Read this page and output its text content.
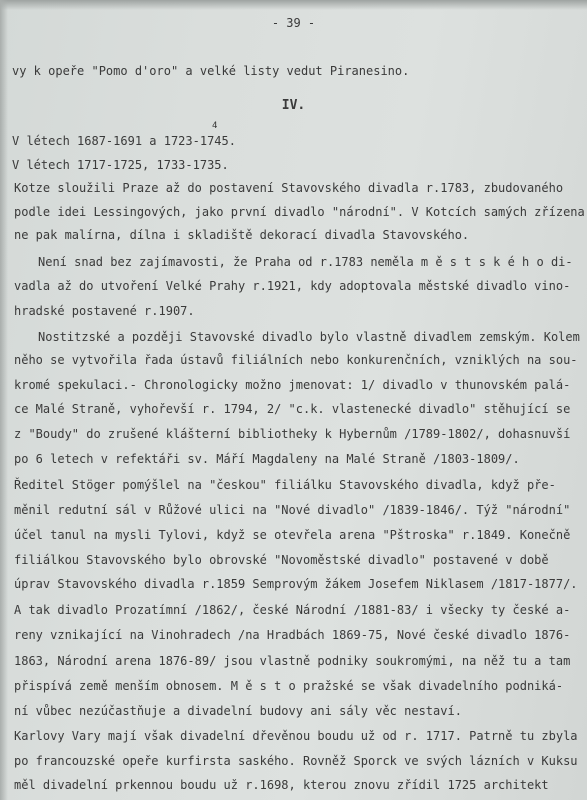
- 39 -
vy k opeře "Pomo d'oro" a velké listy vedut Piranesino.
IV.
4
V létech 1687-1691 a 1723-1745.
V létech 1717-1725, 1733-1735.
Kotze sloužili Praze až do postavení Stavovského divadla r.1783, zbudovaného
podle idei Lessingových, jako první divadlo "národní". V Kotcích samých zřízena
ne pak malírna, dílna i skladiště dekorací divadla Stavovského.
Není snad bez zajímavosti, že Praha od r.1783 neměla m ě s t s k é h o di-
vadla až do utvoření Velké Prahy r.1921, kdy adoptovala městské divadlo vino-
hradské postavené r.1907.
Nostitzské a později Stavovské divadlo bylo vlastně divadlem zemským. Kolem
něho se vytvořila řada ústavů filiálních nebo konkurenčních, vzniklých na sou-
kromé spekulaci.- Chronologicky možno jmenovat: 1/ divadlo v thunovském palá-
ce Malé Straně, vyhořevší r. 1794, 2/ "c.k. vlastenecké divadlo" stěhující se
z "Boudy" do zrušené klášterní bibliotheky k Hybernům /1789-1802/, dohasnuvší
po 6 letech v refektáři sv. Máří Magdaleny na Malé Straně /1803-1809/.
Ředitel Stöger pomýšlel na "českou" filiálku Stavovského divadla, když pře-
měnil redutní sál v Růžové ulici na "Nové divadlo" /1839-1846/. Týž "národní"
účel tanul na mysli Tylovi, když se otevřela arena "Pštroska" r.1849. Konečně
filiálkou Stavovského bylo obrovské "Novoměstské divadlo" postavené v době
úprav Stavovského divadla r.1859 Semprovým žákem Josefem Niklasem /1817-1877/.
A tak divadlo Prozatímní /1862/, české Národní /1881-83/ i všecky ty české a-
reny vznikající na Vinohradech /na Hradbách 1869-75, Nové české divadlo 1876-
1863, Národní arena 1876-89/ jsou vlastně podniky soukromými, na něž tu a tam
přispívá země menším obnosem. M ě s t o pražské se však divadelního podniká-
ní vůbec nezúčastňuje a divadelní budovy ani sály věc nestaví.
Karlovy Vary mají však divadelní dřevěnou boudu už od r. 1717. Patrně tu zbyla
po francouzské opeře kurfirsta saského. Rovněž Sporck ve svých lázních v Kuksu
měl divadelní prkennou boudu už r.1698, kterou znovu zřídil 1725 architekt
